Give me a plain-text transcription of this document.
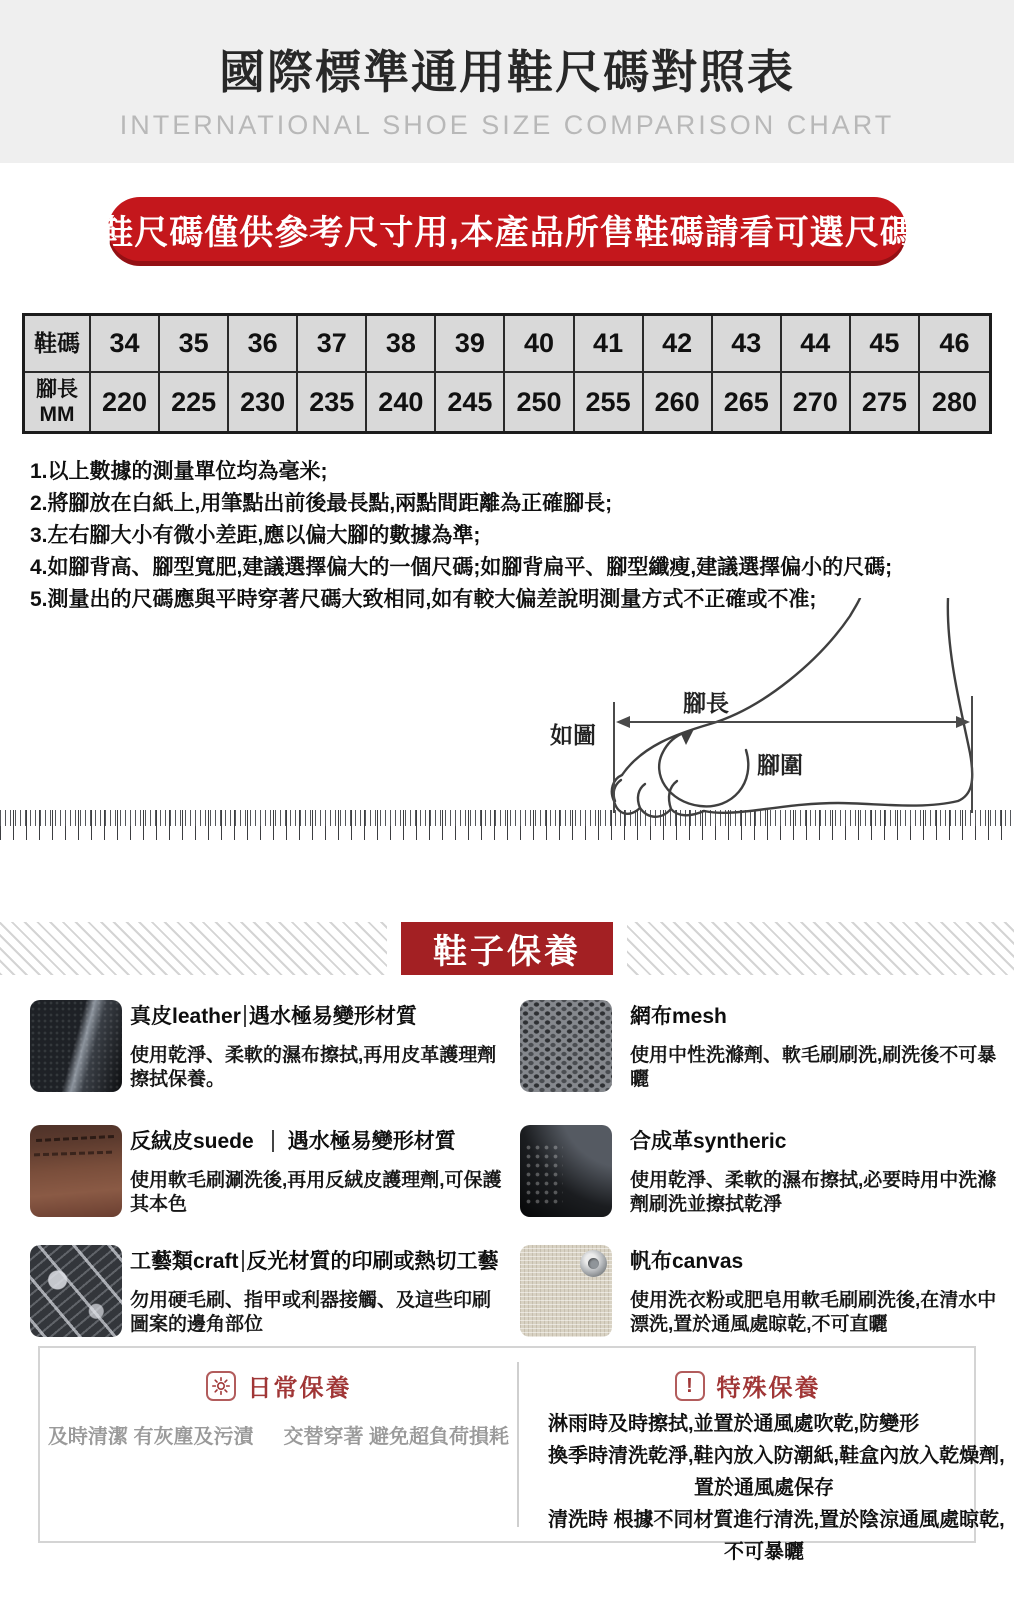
國際標準通用鞋尺碼對照表
INTERNATIONAL SHOE SIZE COMPARISON CHART
鞋尺碼僅供參考尺寸用,本產品所售鞋碼請看可選尺碼
鞋碼	34	35	36	37	38	39	40	41	42	43	44	45	46
腳長
MM	220 225 230 235 240 245 250 255 260 265 270 275 280
1.以上數據的測量單位均為毫米;
2.將腳放在白紙上,用筆點出前後最長點,兩點間距離為正確腳長;
3.左右腳大小有微小差距,應以偏大腳的數據為準;
4.如腳背高、腳型寬肥,建議選擇偏大的一個尺碼;如腳背扁平、腳型纖瘦,建議選擇偏小的尺碼;
5.測量出的尺碼應與平時穿著尺碼大致相同,如有較大偏差說明測量方式不正確或不准;
腳長
如圖
腳圍
鞋子保養
真皮leather 遇水極易變形材質
使用乾淨、柔軟的濕布擦拭,再用皮革護理劑擦拭保養。
網布mesh
使用中性洗滌劑、軟毛刷刷洗,刷洗後不可暴曬
反絨皮suede 遇水極易變形材質
使用軟毛刷涮洗後,再用反絨皮護理劑,可保護其本色
合成革syntheric
使用乾淨、柔軟的濕布擦拭,必要時用中洗滌劑刷洗並擦拭乾淨
工藝類craft 反光材質的印刷或熱切工藝
勿用硬毛刷、指甲或利器接觸、及這些印刷圖案的邊角部位
帆布canvas
使用洗衣粉或肥皂用軟毛刷刷洗後,在清水中漂洗,置於通風處晾乾,不可直曬
日常保養
及時清潔 有灰塵及污漬 交替穿著 避免超負荷損耗
! 特殊保養
淋雨時及時擦拭,並置於通風處吹乾,防變形
換季時清洗乾淨,鞋內放入防潮紙,鞋盒內放入乾燥劑,
置於通風處保存
清洗時 根據不同材質進行清洗,置於陰涼通風處晾乾,
不可暴曬
